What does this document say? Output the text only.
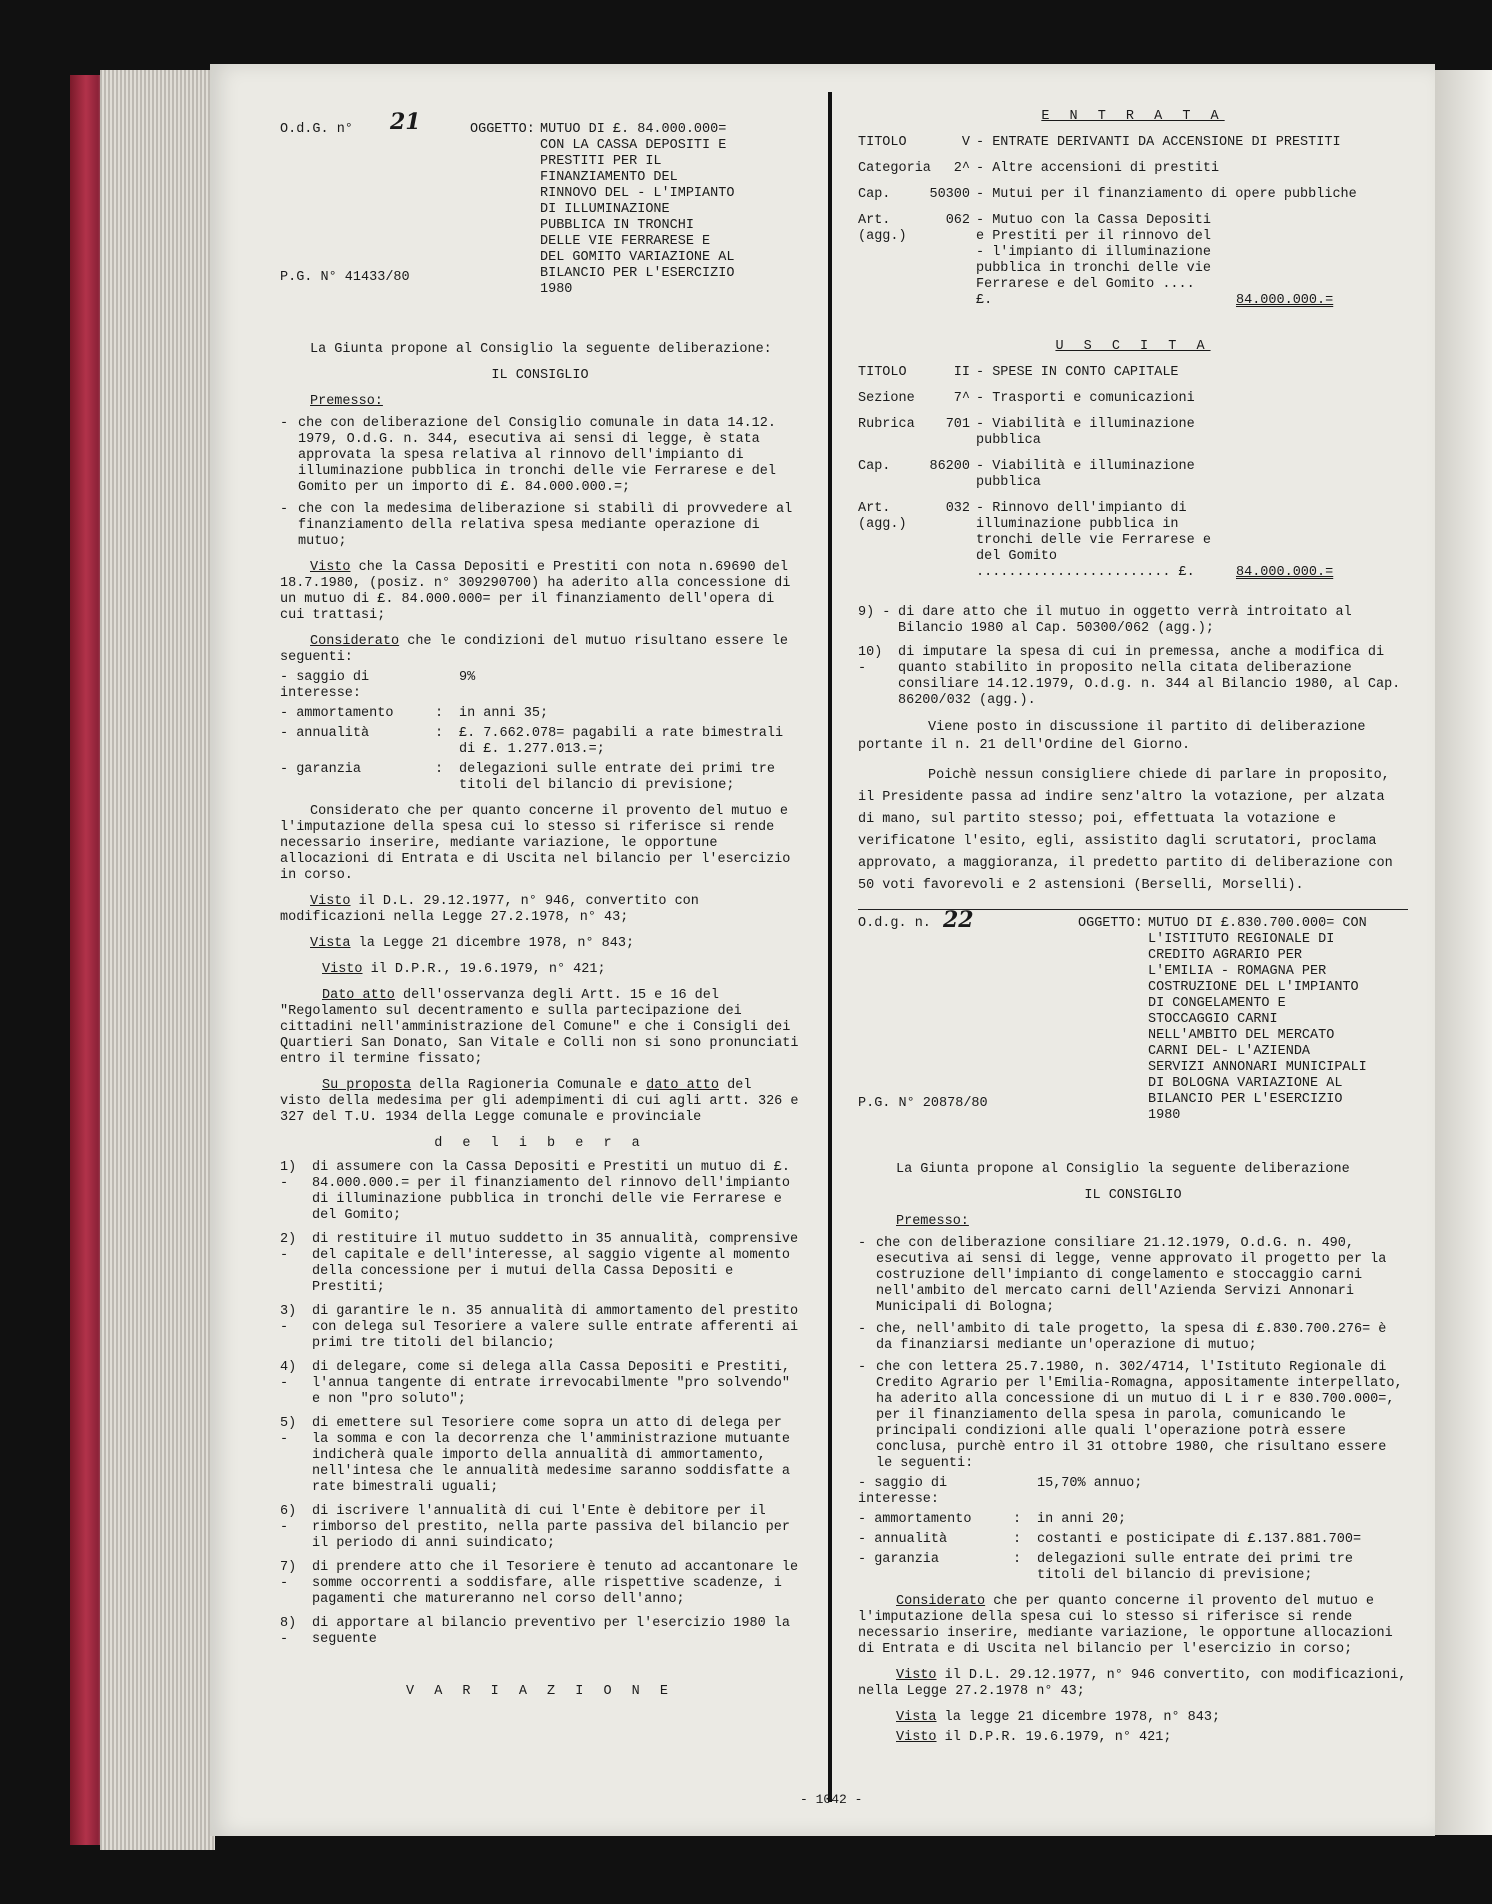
O.d.G. n°	21	OGGETTO: MUTUO DI £. 84.000.000= CON LA CASSA DEPOSITI E PRESTITI PER IL FINANZIAMENTO DEL RINNOVO DEL - L'IMPIANTO DI ILLUMINAZIONE PUBBLICA IN TRONCHI DELLE VIE FERRARESE E DEL GOMITO VARIAZIONE AL BILANCIO PER L'ESERCIZIO 1980
P.G. N° 41433/80

La Giunta propone al Consiglio la seguente deliberazione:

IL CONSIGLIO

Premesso:

- che con deliberazione del Consiglio comunale in data 14.12. 1979, O.d.G. n. 344, esecutiva ai sensi di legge, è stata approvata la spesa relativa al rinnovo dell'impianto di illuminazione pubblica in tronchi delle vie Ferrarese e del Gomito per un importo di £. 84.000.000.=;
- che con la medesima deliberazione si stabilì di provvedere al finanziamento della relativa spesa mediante operazione di mutuo;

Visto che la Cassa Depositi e Prestiti con nota n.69690 del 18.7.1980, (posiz. n° 309290700) ha aderito alla concessione di un mutuo di £. 84.000.000= per il finanziamento dell'opera di cui trattasi;

Considerato che le condizioni del mutuo risultano essere le seguenti:

- saggio di interesse:
9%
- ammortamento	:	in anni 35;
- annualità	:	£. 7.662.078= pagabili a rate bimestrali di £. 1.277.013.=;
- garanzia	:	delegazioni sulle entrate dei primi tre titoli del bilancio di previsione;

Considerato che per quanto concerne il provento del mutuo e l'imputazione della spesa cui lo stesso si riferisce si rende necessario inserire, mediante variazione, le opportune allocazioni di Entrata e di Uscita nel bilancio per l'esercizio in corso.

Visto il D.L. 29.12.1977, n° 946, convertito con modificazioni nella Legge 27.2.1978, n° 43;

Vista la Legge 21 dicembre 1978, n° 843;

Visto il D.P.R., 19.6.1979, n° 421;

Dato atto dell'osservanza degli Artt. 15 e 16 del "Regolamento sul decentramento e sulla partecipazione dei cittadini nell'amministrazione del Comune" e che i Consigli dei Quartieri San Donato, San Vitale e Colli non si sono pronunciati entro il termine fissato;

Su proposta della Ragioneria Comunale e dato atto del visto della medesima per gli adempimenti di cui agli artt. 326 e 327 del T.U. 1934 della Legge comunale e provinciale

d e l i b e r a

1) -
di assumere con la Cassa Depositi e Prestiti un mutuo di £. 84.000.000.= per il finanziamento del rinnovo dell'impianto di illuminazione pubblica in tronchi delle vie Ferrarese e del Gomito;
2) -
di restituire il mutuo suddetto in 35 annualità, comprensive del capitale e dell'interesse, al saggio vigente al momento della concessione per i mutui della Cassa Depositi e Prestiti;
3) -
di garantire le n. 35 annualità di ammortamento del prestito con delega sul Tesoriere a valere sulle entrate afferenti ai primi tre titoli del bilancio;
4) -
di delegare, come si delega alla Cassa Depositi e Prestiti, l'annua tangente di entrate irrevocabilmente "pro solvendo" e non "pro soluto";
5) -
di emettere sul Tesoriere come sopra un atto di delega per la somma e con la decorrenza che l'amministrazione mutuante indicherà quale importo della annualità di ammortamento, nell'intesa che le annualità medesime saranno soddisfatte a rate bimestrali uguali;
6) -
di iscrivere l'annualità di cui l'Ente è debitore per il rimborso del prestito, nella parte passiva del bilancio per il periodo di anni suindicato;
7) -
di prendere atto che il Tesoriere è tenuto ad accantonare le somme occorrenti a soddisfare, alle rispettive scadenze, i pagamenti che matureranno nel corso dell'anno;
8) -
di apportare al bilancio preventivo per l'esercizio 1980 la seguente

V A R I A Z I O N E

E N T R A T A

TITOLO	V - ENTRATE DERIVANTI DA ACCENSIONE DI PRESTITI
Categoria	2^ - Altre accensioni di prestiti
Cap.	50300 - Mutui per il finanziamento di opere pubbliche
Art. (agg.)
062 - Mutuo con la Cassa Depositi e Prestiti per il rinnovo del - l'impianto di illuminazione pubblica in tronchi delle vie Ferrarese e del Gomito .... £.	84.000.000.=

U S C I T A

TITOLO	II - SPESE IN CONTO CAPITALE
Sezione	7^ - Trasporti e comunicazioni
Rubrica	701 - Viabilità e illuminazione pubblica
Cap.	86200 - Viabilità e illuminazione pubblica
Art. (agg.)
032 - Rinnovo dell'impianto di illuminazione pubblica in tronchi delle vie Ferrarese e del Gomito ........................ £.	84.000.000.=
9) - di dare atto che il mutuo in oggetto verrà introitato al Bilancio 1980 al Cap. 50300/062 (agg.);
10) -
di imputare la spesa di cui in premessa, anche a modifica di quanto stabilito in proposito nella citata deliberazione consiliare 14.12.1979, O.d.g. n. 344 al Bilancio 1980, al Cap. 86200/032 (agg.).

Viene posto in discussione il partito di deliberazione portante il n. 21 dell'Ordine del Giorno.

Poichè nessun consigliere chiede di parlare in proposito, il Presidente passa ad indire senz'altro la votazione, per alzata di mano, sul partito stesso; poi, effettuata la votazione e verificatone l'esito, egli, assistito dagli scrutatori, proclama approvato, a maggioranza, il predetto partito di deliberazione con 50 voti favorevoli e 2 astensioni (Berselli, Morselli).

O.d.g. n. 22	OGGETTO: MUTUO DI £.830.700.000= CON L'ISTITUTO REGIONALE DI CREDITO AGRARIO PER L'EMILIA - ROMAGNA PER COSTRUZIONE DEL L'IMPIANTO DI CONGELAMENTO E STOCCAGGIO CARNI NELL'AMBITO DEL MERCATO CARNI DEL- L'AZIENDA SERVIZI ANNONARI MUNICIPALI DI BOLOGNA VARIAZIONE AL BILANCIO PER L'ESERCIZIO 1980
P.G. N° 20878/80

La Giunta propone al Consiglio la seguente deliberazione

IL CONSIGLIO

Premesso:

- che con deliberazione consiliare 21.12.1979, O.d.G. n. 490, esecutiva ai sensi di legge, venne approvato il progetto per la costruzione dell'impianto di congelamento e stoccaggio carni nell'ambito del mercato carni dell'Azienda Servizi Annonari Municipali di Bologna;
- che, nell'ambito di tale progetto, la spesa di £.830.700.276= è da finanziarsi mediante un'operazione di mutuo;
- che con lettera 25.7.1980, n. 302/4714, l'Istituto Regionale di Credito Agrario per l'Emilia-Romagna, appositamente interpellato, ha aderito alla concessione di un mutuo di L i r e 830.700.000=, per il finanziamento della spesa in parola, comunicando le principali condizioni alle quali l'operazione potrà essere conclusa, purchè entro il 31 ottobre 1980, che risultano essere le seguenti:
- saggio di interesse:
15,70% annuo;
- ammortamento	:	in anni 20;
- annualità	:	costanti e posticipate di £.137.881.700=
- garanzia	:	delegazioni sulle entrate dei primi tre titoli del bilancio di previsione;

Considerato che per quanto concerne il provento del mutuo e l'imputazione della spesa cui lo stesso si riferisce si rende necessario inserire, mediante variazione, le opportune allocazioni di Entrata e di Uscita nel bilancio per l'esercizio in corso;

Visto il D.L. 29.12.1977, n° 946 convertito, con modificazioni, nella Legge 27.2.1978 n° 43;

Vista la legge 21 dicembre 1978, n° 843;

Visto il D.P.R. 19.6.1979, n° 421;

- 1042 -
